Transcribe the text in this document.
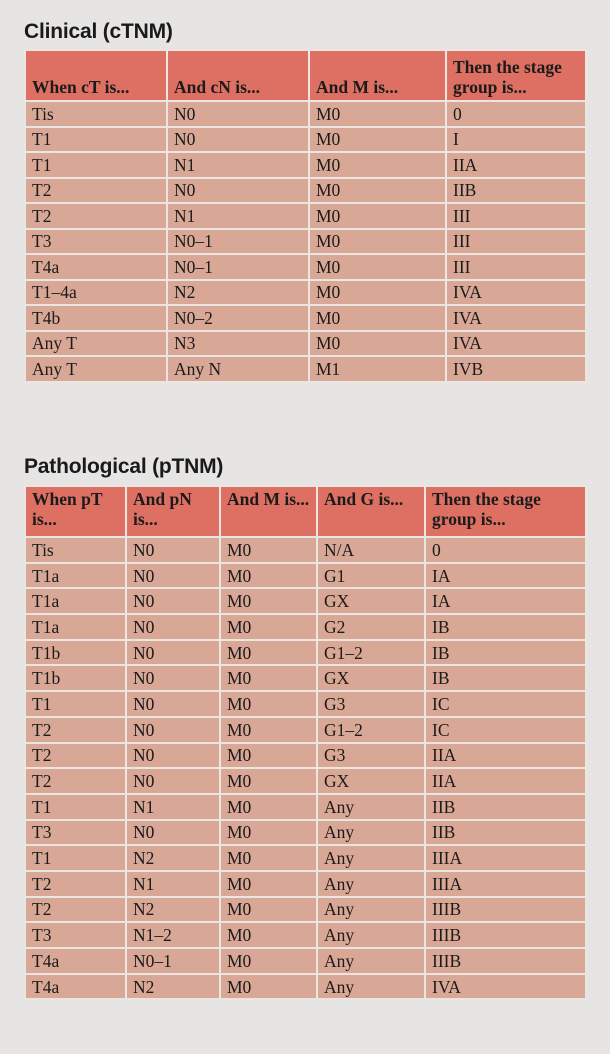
Clinical (cTNM)
When cT is...	And cN is...	And M is...	Then the stage group is...
Tis	N0	M0	0
T1	N0	M0	I
T1	N1	M0	IIA
T2	N0	M0	IIB
T2	N1	M0	III
T3	N0–1	M0	III
T4a	N0–1	M0	III
T1–4a	N2	M0	IVA
T4b	N0–2	M0	IVA
Any T	N3	M0	IVA
Any T	Any N	M1	IVB
Pathological (pTNM)
When pT is...	And pN is...	And M is...	And G is...	Then the stage group is...
Tis	N0	M0	N/A	0
T1a	N0	M0	G1	IA
T1a	N0	M0	GX	IA
T1a	N0	M0	G2	IB
T1b	N0	M0	G1–2	IB
T1b	N0	M0	GX	IB
T1	N0	M0	G3	IC
T2	N0	M0	G1–2	IC
T2	N0	M0	G3	IIA
T2	N0	M0	GX	IIA
T1	N1	M0	Any	IIB
T3	N0	M0	Any	IIB
T1	N2	M0	Any	IIIA
T2	N1	M0	Any	IIIA
T2	N2	M0	Any	IIIB
T3	N1–2	M0	Any	IIIB
T4a	N0–1	M0	Any	IIIB
T4a	N2	M0	Any	IVA
